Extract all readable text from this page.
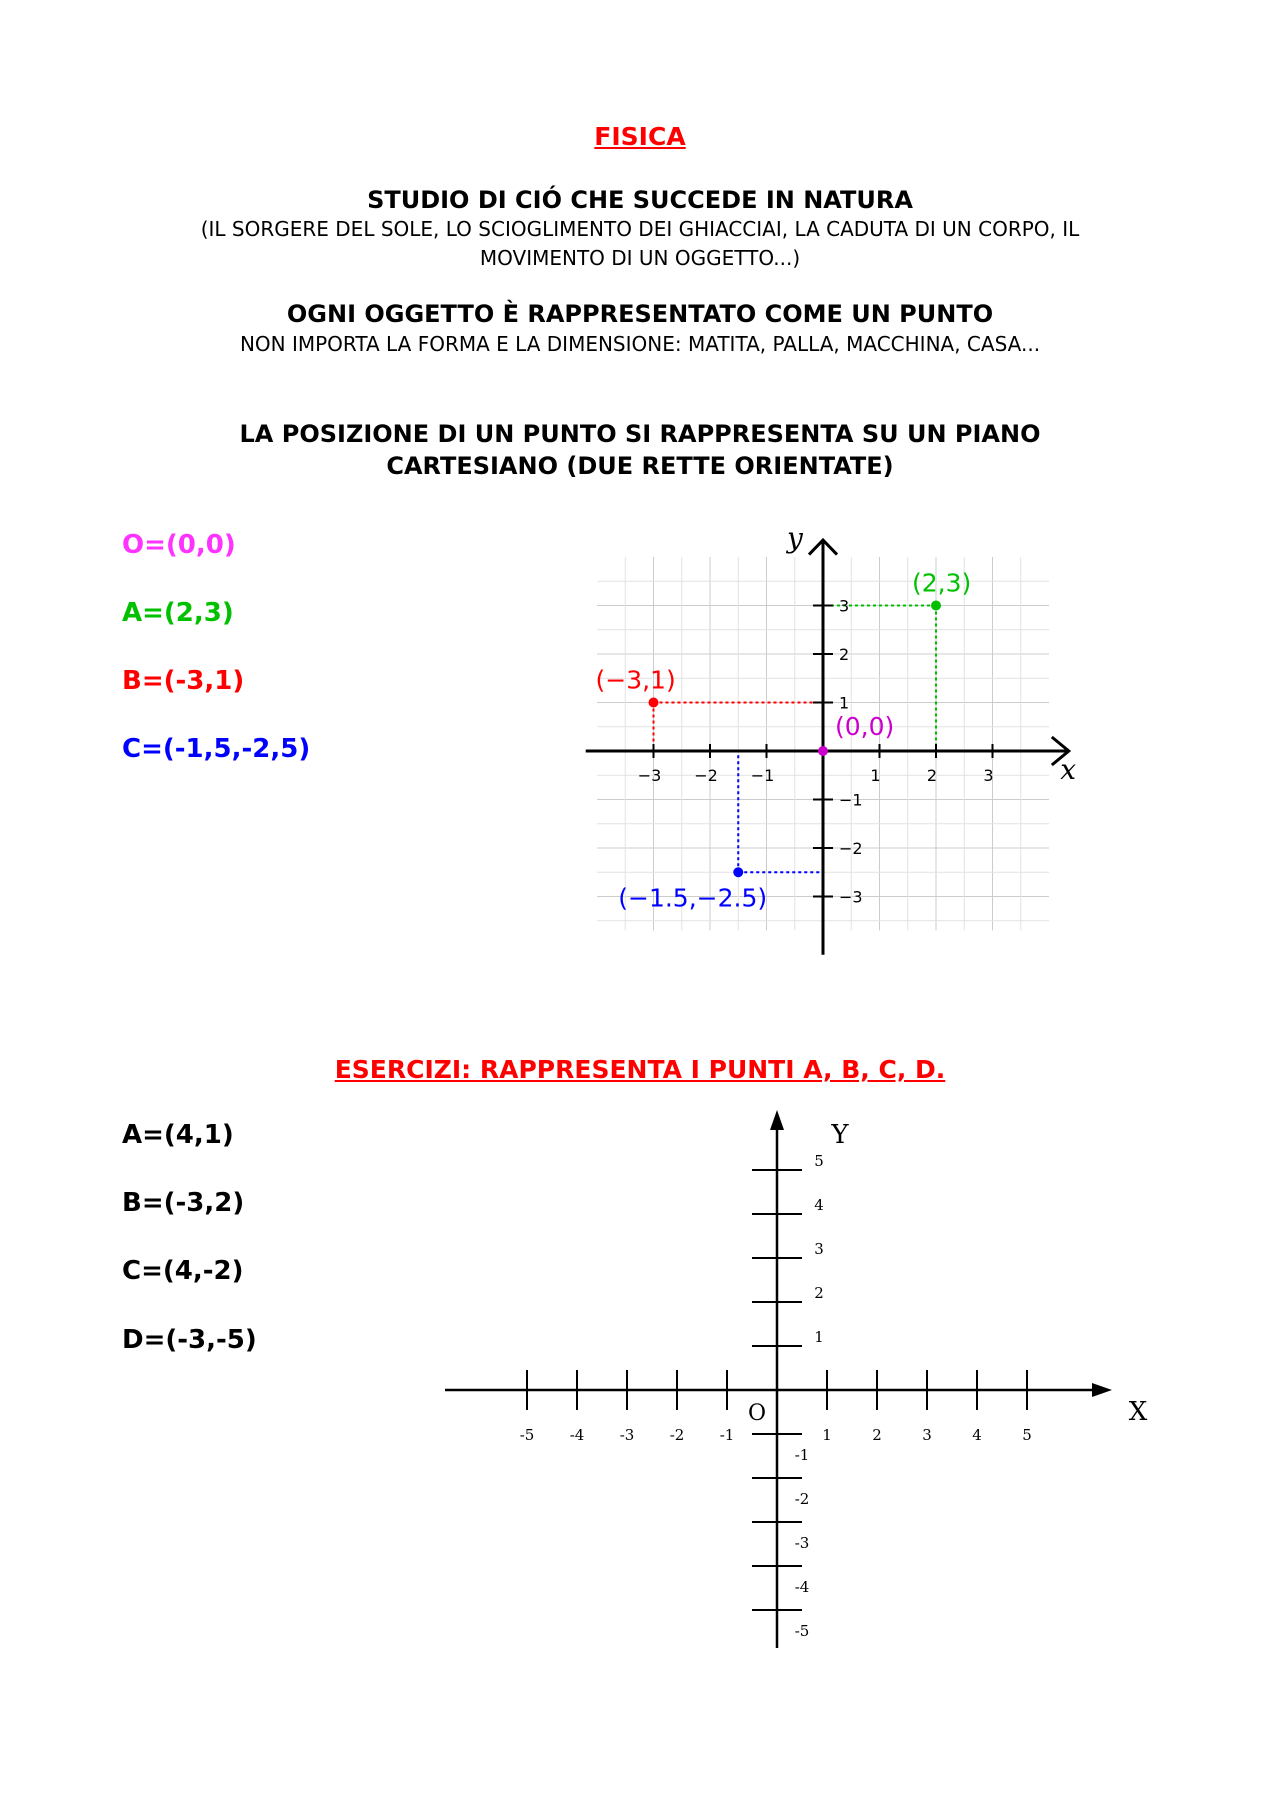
FISICA
STUDIO DI CIÓ CHE SUCCEDE IN NATURA
(IL SORGERE DEL SOLE, LO SCIOGLIMENTO DEI GHIACCIAI, LA CADUTA DI UN CORPO, IL
MOVIMENTO DI UN OGGETTO...)
OGNI OGGETTO È RAPPRESENTATO COME UN PUNTO
NON IMPORTA LA FORMA E LA DIMENSIONE: MATITA, PALLA, MACCHINA, CASA...
LA POSIZIONE DI UN PUNTO SI RAPPRESENTA SU UN PIANO
CARTESIANO (DUE RETTE ORIENTATE)
O=(0,0)
A=(2,3)
B=(-3,1)
C=(-1,5,-2,5)
−3 −2 −1	1	2	3
3
2
1
−1
−2
−3
x
y
(0,0)
(2,3)
(−3,1)
(−1.5,−2.5)
-5 -4 -3 -2 -1	1	2	3	4	5
5
4
3
2
1
-1
-2
-3
-4
-5
X
Y
O
ESERCIZI: RAPPRESENTA I PUNTI A, B, C, D.
A=(4,1)
B=(-3,2)
C=(4,-2)
D=(-3,-5)
